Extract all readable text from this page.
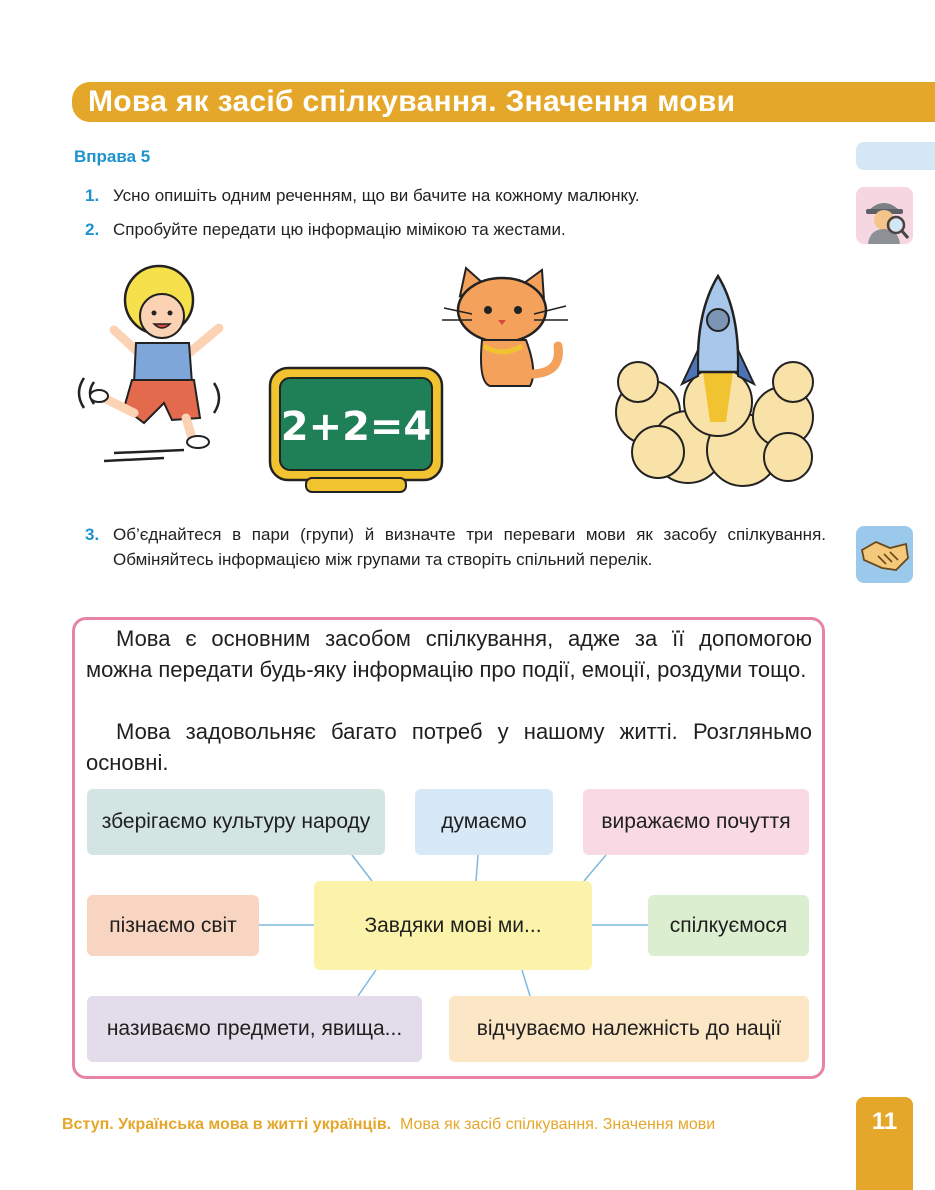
Мова як засіб спілкування. Значення мови
Вправа 5
1. Усно опишіть одним реченням, що ви бачите на кожному малюнку.
2. Спробуйте передати цю інформацію мімікою та жестами.
2+2=4
3. Об’єднайтеся в пари (групи) й визначте три переваги мови як засобу спілкування. Обміняйтесь інформацією між групами та створіть спільний перелік.
Мова є основним засобом спілкування, адже за її допомогою можна передати будь-яку інформацію про події, емоції, роздуми тощо.
Мова задовольняє багато потреб у нашому житті. Розгляньмо основні.
зберігаємо культуру народу	думаємо	виражаємо почуття
Завдяки мові ми...
пізнаємо світ	спілкуємося
називаємо предмети, явища...	відчуваємо належність до нації
Вступ. Українська мова в житті українців. Мова як засіб спілкування. Значення мови	11
